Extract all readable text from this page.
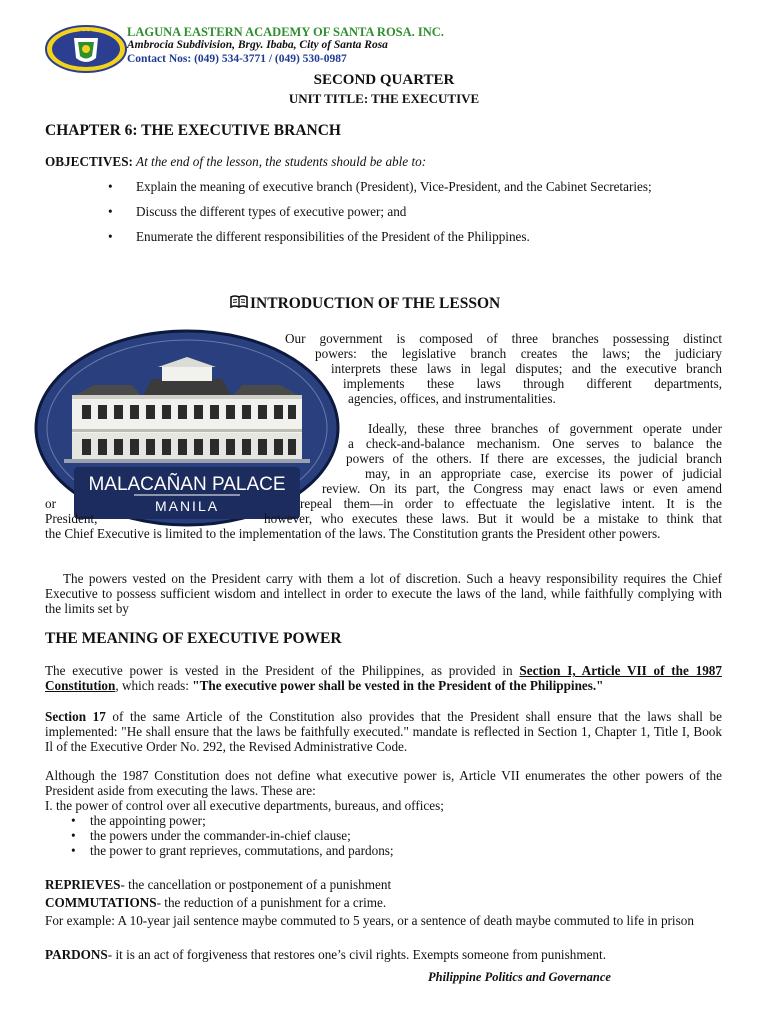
★ ★ ★	LAGUNA EASTERN ACADEMY OF SANTA ROSA. INC.
Ambrocia Subdivision, Brgy. Ibaba, City of Santa Rosa
Contact Nos: (049) 534-3771 / (049) 530-0987
SECOND QUARTER
UNIT TITLE: THE EXECUTIVE
CHAPTER 6: THE EXECUTIVE BRANCH
OBJECTIVES: At the end of the lesson, the students should be able to:
• Explain the meaning of executive branch (President), Vice-President, and the Cabinet Secretaries;
• Discuss the different types of executive power; and
• Enumerate the different responsibilities of the President of the Philippines.
INTRODUCTION OF THE LESSON
MALACAÑAN PALACE
MANILA
Our government is composed of three branches possessing distinct
powers: the legislative branch creates the laws; the judiciary
interprets these laws in legal disputes; and the executive branch
implements these laws through different departments,
agencies, offices, and instrumentalities.
Ideally, these three branches of government operate under
a check-and-balance mechanism. One serves to balance the
powers of the others. If there are excesses, the judicial branch
may, in an appropriate case, exercise its power of judicial
review. On its part, the Congress may enact laws or even amend
or	repeal them—in order to effectuate the legislative intent. It is the
President,	however, who executes these laws. But it would be a mistake to think that
the Chief Executive is limited to the implementation of the laws. The Constitution grants the President other powers.
The powers vested on the President carry with them a lot of discretion. Such a heavy responsibility requires the Chief Executive to possess sufficient wisdom and intellect in order to execute the laws of the land, while faithfully complying with the limits set by
THE MEANING OF EXECUTIVE POWER
The executive power is vested in the President of the Philippines, as provided in Section I, Article VII of the 1987 Constitution, which reads: "The executive power shall be vested in the President of the Philippines."
Section 17 of the same Article of the Constitution also provides that the President shall ensure that the laws shall be implemented: "He shall ensure that the laws be faithfully executed." mandate is reflected in Section 1, Chapter 1, Title I, Book Il of the Executive Order No. 292, the Revised Administrative Code.
Although the 1987 Constitution does not define what executive power is, Article VII enumerates the other powers of the President aside from executing the laws. These are:
I. the power of control over all executive departments, bureaus, and offices;
• the appointing power;
• the powers under the commander-in-chief clause;
• the power to grant reprieves, commutations, and pardons;
REPRIEVES- the cancellation or postponement of a punishment
COMMUTATIONS- the reduction of a punishment for a crime.
For example: A 10-year jail sentence maybe commuted to 5 years, or a sentence of death maybe commuted to life in prison
PARDONS- it is an act of forgiveness that restores one’s civil rights. Exempts someone from punishment.
Philippine Politics and Governance
